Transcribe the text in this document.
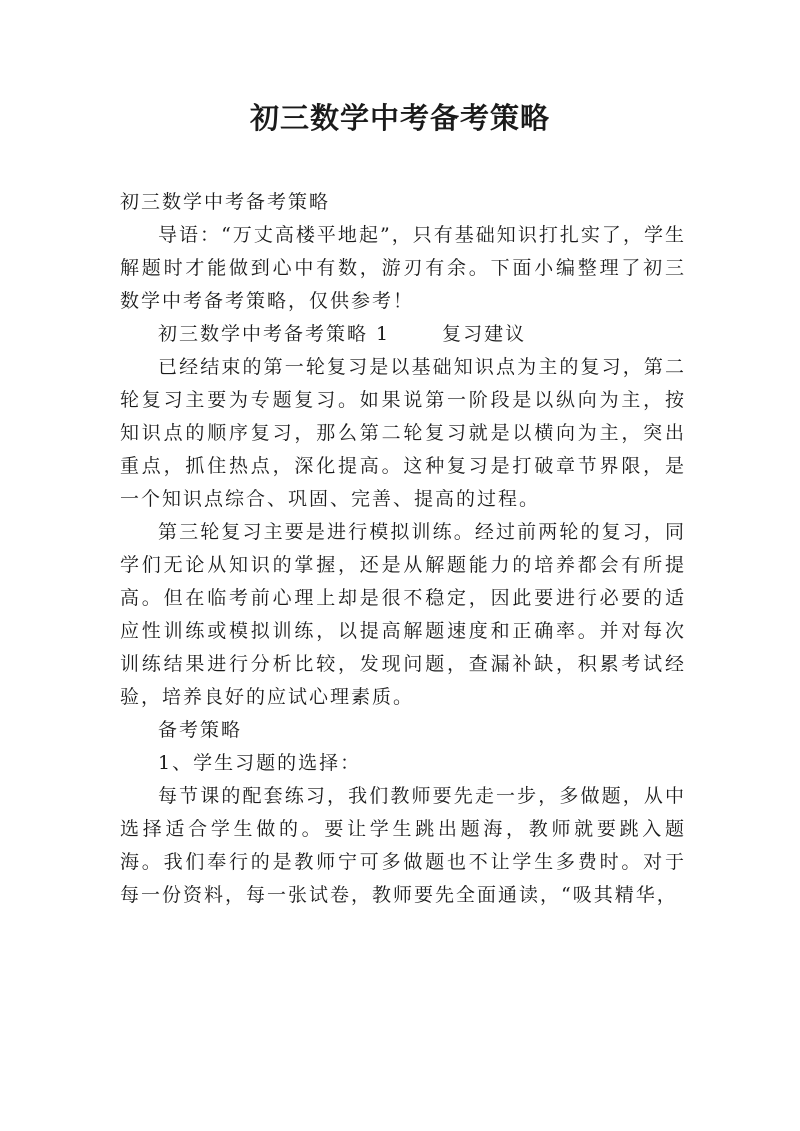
初三数学中考备考策略

初三数学中考备考策略

导语：“万丈高楼平地起”，只有基础知识打扎实了，学生解题时才能做到心中有数，游刃有余。下面小编整理了初三数学中考备考策略，仅供参考！

初三数学中考备考策略 1	复习建议

已经结束的第一轮复习是以基础知识点为主的复习，第二轮复习主要为专题复习。如果说第一阶段是以纵向为主，按知识点的顺序复习，那么第二轮复习就是以横向为主，突出重点，抓住热点，深化提高。这种复习是打破章节界限，是一个知识点综合、巩固、完善、提高的过程。

第三轮复习主要是进行模拟训练。经过前两轮的复习，同学们无论从知识的掌握，还是从解题能力的培养都会有所提高。但在临考前心理上却是很不稳定，因此要进行必要的适应性训练或模拟训练，以提高解题速度和正确率。并对每次训练结果进行分析比较，发现问题，查漏补缺，积累考试经验，培养良好的应试心理素质。

备考策略

1、学生习题的选择：

每节课的配套练习，我们教师要先走一步，多做题，从中选择适合学生做的。要让学生跳出题海，教师就要跳入题海。我们奉行的是教师宁可多做题也不让学生多费时。对于每一份资料，每一张试卷，教师要先全面通读，“吸其精华，
